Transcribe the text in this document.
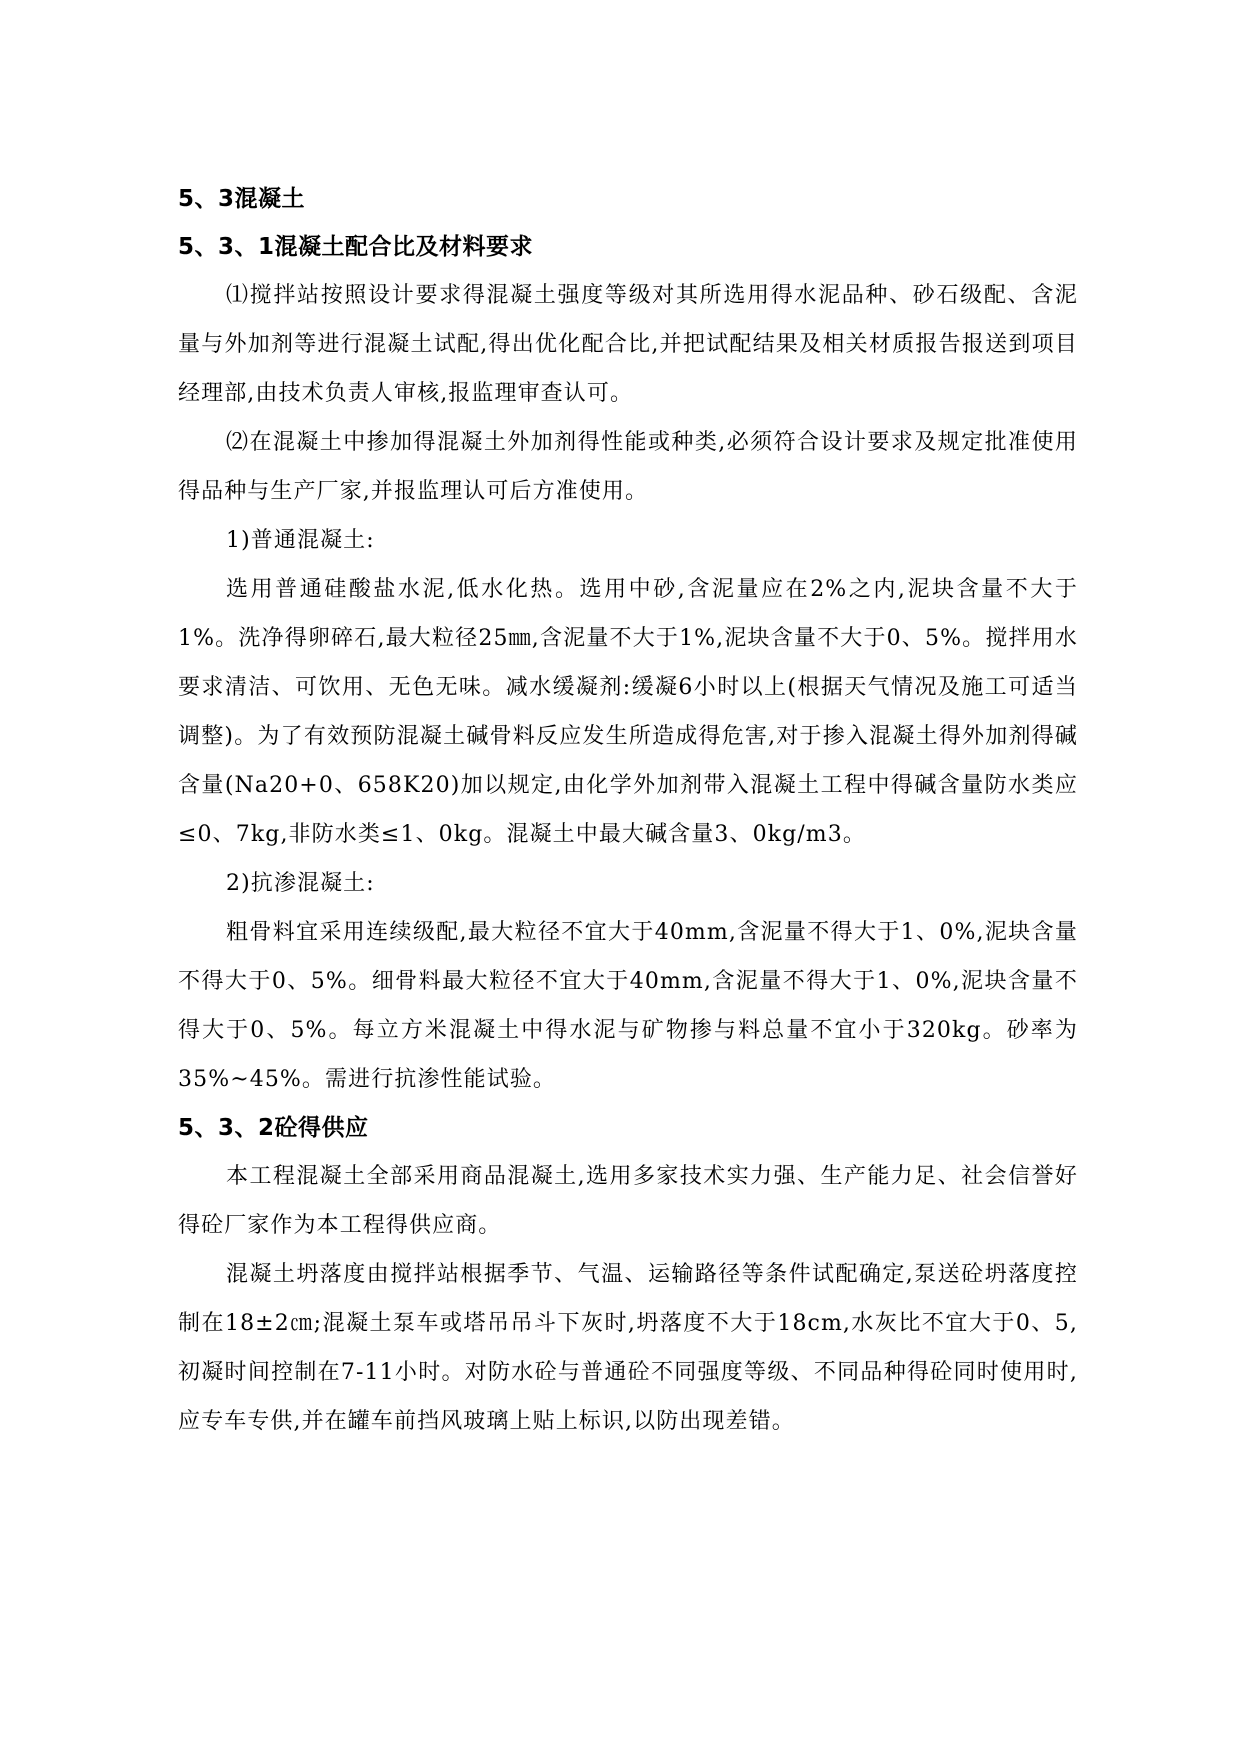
5、3混凝土
5、3、1混凝土配合比及材料要求

⑴搅拌站按照设计要求得混凝土强度等级对其所选用得水泥品种、砂石级配、含泥量与外加剂等进行混凝土试配,得出优化配合比,并把试配结果及相关材质报告报送到项目经理部,由技术负责人审核,报监理审查认可。

⑵在混凝土中掺加得混凝土外加剂得性能或种类,必须符合设计要求及规定批准使用得品种与生产厂家,并报监理认可后方准使用。

1)普通混凝土:

选用普通硅酸盐水泥,低水化热。选用中砂,含泥量应在2%之内,泥块含量不大于1%。洗净得卵碎石,最大粒径25㎜,含泥量不大于1%,泥块含量不大于0、5%。搅拌用水要求清洁、可饮用、无色无味。减水缓凝剂:缓凝6小时以上(根据天气情况及施工可适当调整)。为了有效预防混凝土碱骨料反应发生所造成得危害,对于掺入混凝土得外加剂得碱含量(Na20+0、658K20)加以规定,由化学外加剂带入混凝土工程中得碱含量防水类应≤0、7kg,非防水类≤1、0kg。混凝土中最大碱含量3、0kg/m3。

2)抗渗混凝土:

粗骨料宜采用连续级配,最大粒径不宜大于40mm,含泥量不得大于1、0%,泥块含量不得大于0、5%。细骨料最大粒径不宜大于40mm,含泥量不得大于1、0%,泥块含量不得大于0、5%。每立方米混凝土中得水泥与矿物掺与料总量不宜小于320kg。砂率为35%~45%。需进行抗渗性能试验。

5、3、2砼得供应

本工程混凝土全部采用商品混凝土,选用多家技术实力强、生产能力足、社会信誉好得砼厂家作为本工程得供应商。

混凝土坍落度由搅拌站根据季节、气温、运输路径等条件试配确定,泵送砼坍落度控制在18±2㎝;混凝土泵车或塔吊吊斗下灰时,坍落度不大于18cm,水灰比不宜大于0、5,初凝时间控制在7-11小时。对防水砼与普通砼不同强度等级、不同品种得砼同时使用时,应专车专供,并在罐车前挡风玻璃上贴上标识,以防出现差错。
